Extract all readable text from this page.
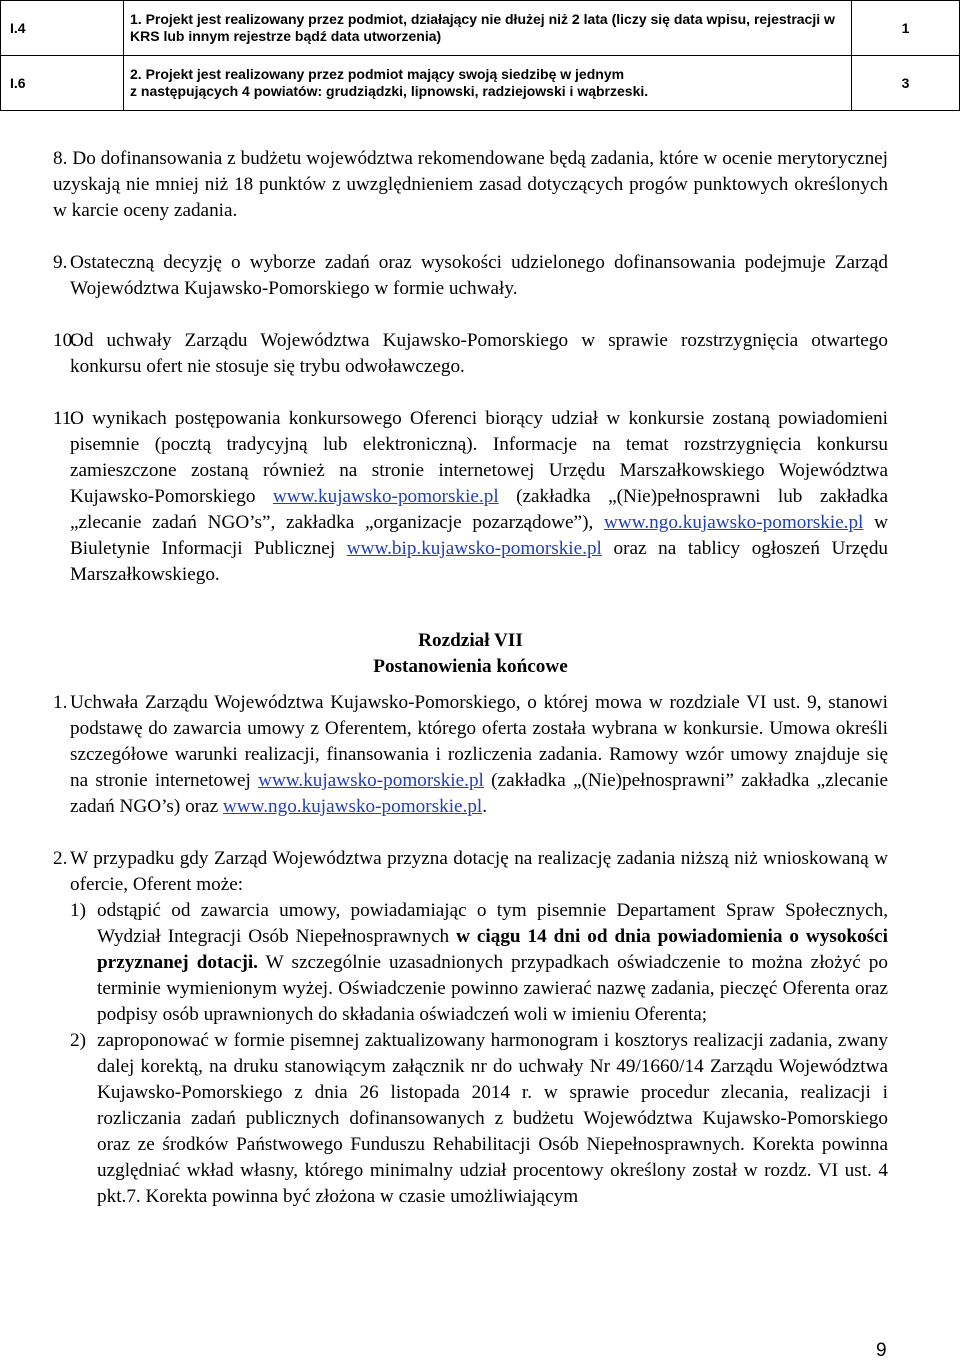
I.4	1. Projekt jest realizowany przez podmiot, działający nie dłużej niż 2 lata (liczy się data wpisu, rejestracji w KRS lub innym rejestrze bądź data utworzenia)	1
I.6	2. Projekt jest realizowany przez podmiot mający swoją siedzibę w jednym
z następujących 4 powiatów: grudziądzki, lipnowski, radziejowski i wąbrzeski.	3

8. Do dofinansowania z budżetu województwa rekomendowane będą zadania, które w ocenie merytorycznej uzyskają nie mniej niż 18 punktów z uwzględnieniem zasad dotyczących progów punktowych określonych w karcie oceny zadania.

9. Ostateczną decyzję o wyborze zadań oraz wysokości udzielonego dofinansowania podejmuje Zarząd Województwa Kujawsko-Pomorskiego w formie uchwały.
10.
Od uchwały Zarządu Województwa Kujawsko-Pomorskiego w sprawie rozstrzygnięcia otwartego konkursu ofert nie stosuje się trybu odwoławczego.
11.
O wynikach postępowania konkursowego Oferenci biorący udział w konkursie zostaną powiadomieni pisemnie (pocztą tradycyjną lub elektroniczną). Informacje na temat rozstrzygnięcia konkursu zamieszczone zostaną również na stronie internetowej Urzędu Marszałkowskiego Województwa Kujawsko-Pomorskiego www.kujawsko-pomorskie.pl (zakładka „(Nie)pełnosprawni lub zakładka „zlecanie zadań NGO’s”, zakładka „organizacje pozarządowe”), www.ngo.kujawsko-pomorskie.pl w Biuletynie Informacji Publicznej www.bip.kujawsko-pomorskie.pl oraz na tablicy ogłoszeń Urzędu Marszałkowskiego.
Rozdział VII
Postanowienia końcowe
1. Uchwała Zarządu Województwa Kujawsko-Pomorskiego, o której mowa w rozdziale VI ust. 9, stanowi podstawę do zawarcia umowy z Oferentem, którego oferta została wybrana w konkursie. Umowa określi szczegółowe warunki realizacji, finansowania i rozliczenia zadania. Ramowy wzór umowy znajduje się na stronie internetowej www.kujawsko-pomorskie.pl (zakładka „(Nie)pełnosprawni” zakładka „zlecanie zadań NGO’s) oraz www.ngo.kujawsko-pomorskie.pl.
2. W przypadku gdy Zarząd Województwa przyzna dotację na realizację zadania niższą niż wnioskowaną w ofercie, Oferent może:
1) odstąpić od zawarcia umowy, powiadamiając o tym pisemnie Departament Spraw Społecznych, Wydział Integracji Osób Niepełnosprawnych w ciągu 14 dni od dnia powiadomienia o wysokości przyznanej dotacji. W szczególnie uzasadnionych przypadkach oświadczenie to można złożyć po terminie wymienionym wyżej. Oświadczenie powinno zawierać nazwę zadania, pieczęć Oferenta oraz podpisy osób uprawnionych do składania oświadczeń woli w imieniu Oferenta;
2) zaproponować w formie pisemnej zaktualizowany harmonogram i kosztorys realizacji zadania, zwany dalej korektą, na druku stanowiącym załącznik nr do uchwały Nr 49/1660/14 Zarządu Województwa Kujawsko-Pomorskiego z dnia 26 listopada 2014 r. w sprawie procedur zlecania, realizacji i rozliczania zadań publicznych dofinansowanych z budżetu Województwa Kujawsko-Pomorskiego oraz ze środków Państwowego Funduszu Rehabilitacji Osób Niepełnosprawnych. Korekta powinna uzględniać wkład własny, którego minimalny udział procentowy określony został w rozdz. VI ust. 4 pkt.7. Korekta powinna być złożona w czasie umożliwiającym
9
